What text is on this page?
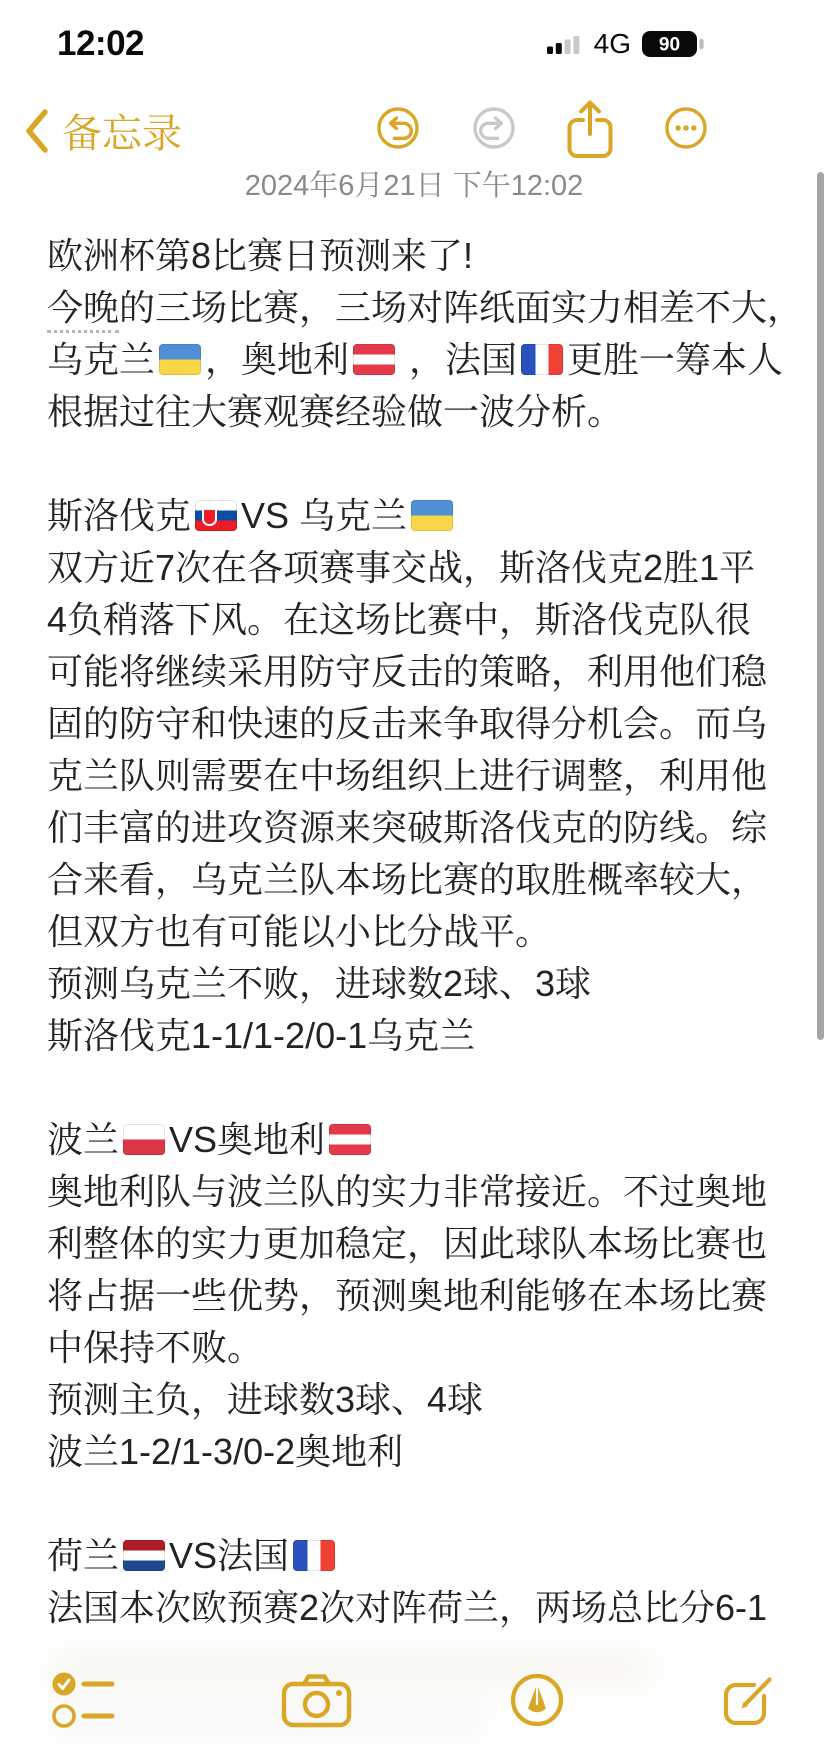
12:02	4G 90
备忘录
2024年6月21日 下午12:02
欧洲杯第8比赛日预测来了!
今晚的三场比赛，三场对阵纸面实力相差不大，
乌克兰 ，奥地利 ，法国 更胜一筹本人
根据过往大赛观赛经验做一波分析。
斯洛伐克 VS 乌克兰
双方近7次在各项赛事交战，斯洛伐克2胜1平
4负稍落下风。在这场比赛中，斯洛伐克队很
可能将继续采用防守反击的策略，利用他们稳
固的防守和快速的反击来争取得分机会。而乌
克兰队则需要在中场组织上进行调整，利用他
们丰富的进攻资源来突破斯洛伐克的防线。综
合来看，乌克兰队本场比赛的取胜概率较大，
但双方也有可能以小比分战平。
预测乌克兰不败，进球数2球、3球
斯洛伐克1-1/1-2/0-1乌克兰
波兰 VS奥地利
奥地利队与波兰队的实力非常接近。不过奥地
利整体的实力更加稳定，因此球队本场比赛也
将占据一些优势，预测奥地利能够在本场比赛
中保持不败。
预测主负，进球数3球、4球
波兰1-2/1-3/0-2奥地利
荷兰 VS法国
法国本次欧预赛2次对阵荷兰，两场总比分6-1
